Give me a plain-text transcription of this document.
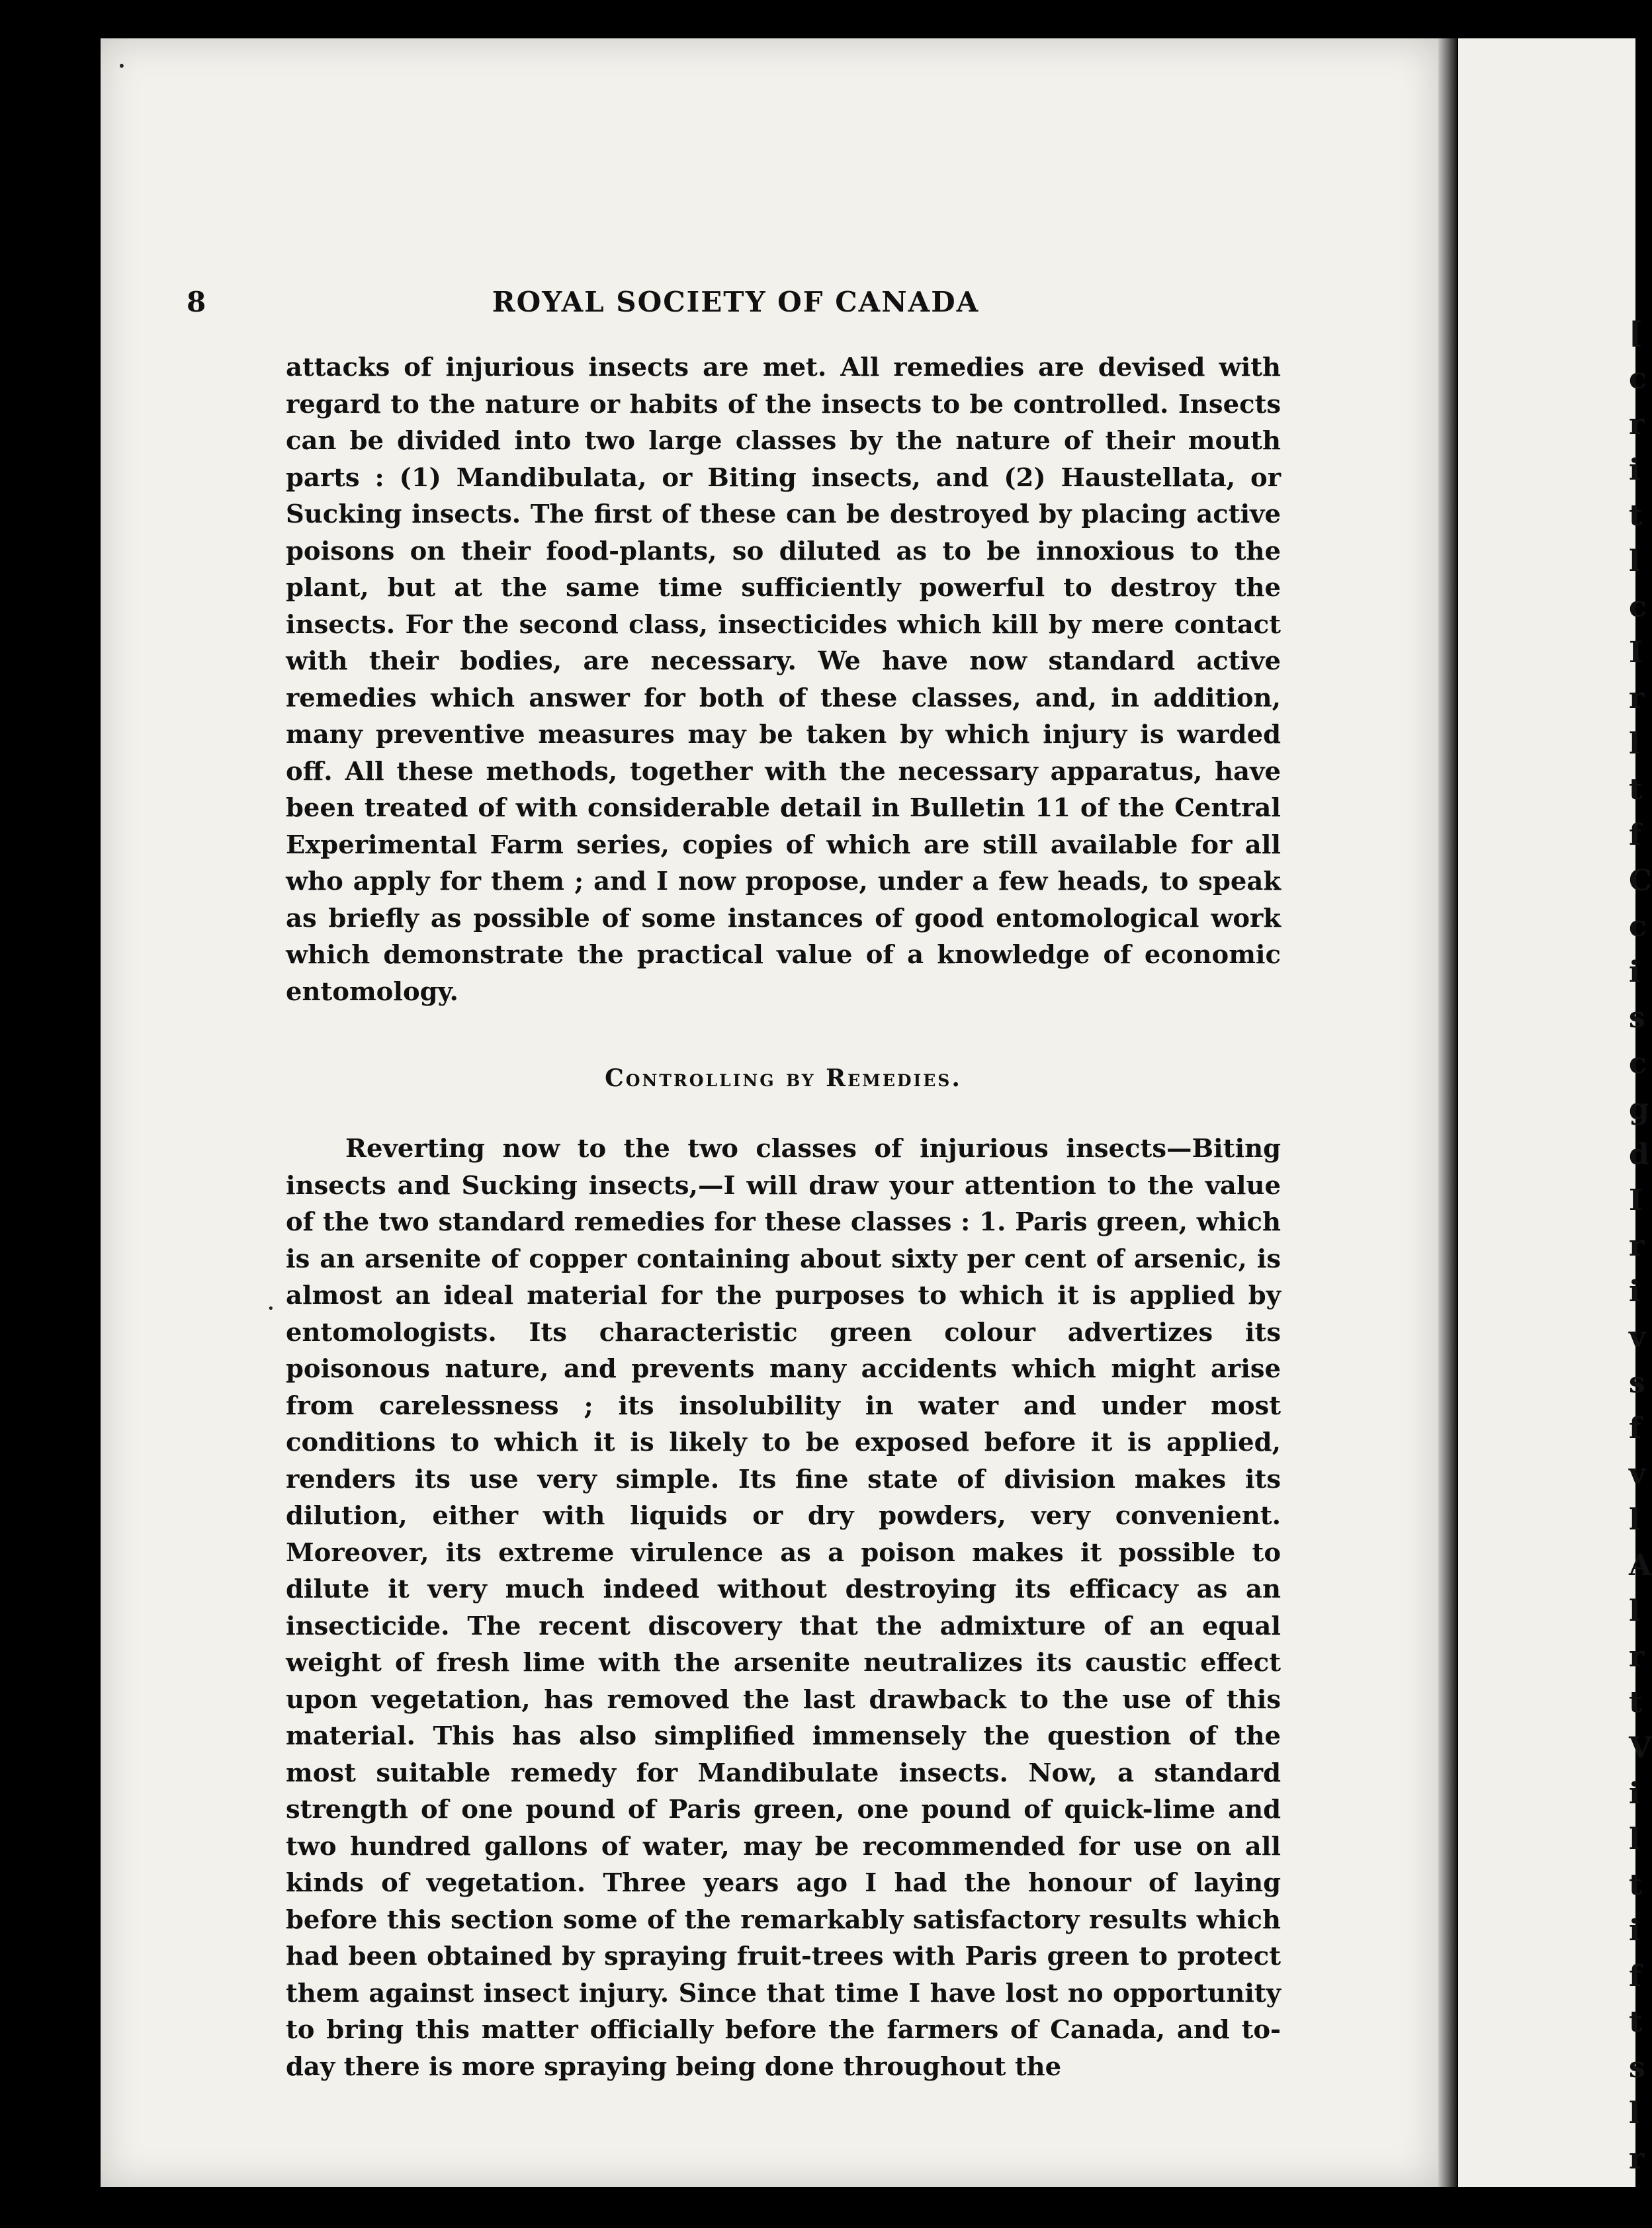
[
c
r
i
t
l
c
I
r
l
t
f
C
c
i
s
c
g
d
I
r
i
v
s
f
v
l
A
l
r
t
V
i
l
t
i
f
t
s
l
r
•
•
8	ROYAL SOCIETY OF CANADA

attacks of injurious insects are met. All remedies are devised with regard to the nature or habits of the insects to be controlled. Insects can be divided into two large classes by the nature of their mouth parts : (1) Mandibulata, or Biting insects, and (2) Haustellata, or Sucking insects. The first of these can be destroyed by placing active poisons on their food-plants, so diluted as to be innoxious to the plant, but at the same time sufficiently powerful to destroy the insects. For the second class, insecticides which kill by mere contact with their bodies, are necessary. We have now standard active remedies which answer for both of these classes, and, in addition, many preventive measures may be taken by which injury is warded off. All these methods, together with the necessary apparatus, have been treated of with considerable detail in Bulletin 11 of the Central Experimental Farm series, copies of which are still available for all who apply for them ; and I now propose, under a few heads, to speak as briefly as possible of some instances of good entomological work which demonstrate the practical value of a knowledge of economic entomology.

Controlling by Remedies.

Reverting now to the two classes of injurious insects—Biting insects and Sucking insects,—I will draw your attention to the value of the two standard remedies for these classes : 1. Paris green, which is an arsenite of copper containing about sixty per cent of arsenic, is almost an ideal material for the purposes to which it is applied by entomologists. Its characteristic green colour advertizes its poisonous nature, and prevents many accidents which might arise from carelessness ; its insolubility in water and under most conditions to which it is likely to be exposed before it is applied, renders its use very simple. Its fine state of division makes its dilution, either with liquids or dry powders, very convenient. Moreover, its extreme virulence as a poison makes it possible to dilute it very much indeed without destroying its efficacy as an insecticide. The recent discovery that the admixture of an equal weight of fresh lime with the arsenite neutralizes its caustic effect upon vegetation, has removed the last drawback to the use of this material. This has also simplified immensely the question of the most suitable remedy for Mandibulate insects. Now, a standard strength of one pound of Paris green, one pound of quick-lime and two hundred gallons of water, may be recommended for use on all kinds of vegetation. Three years ago I had the honour of laying before this section some of the remarkably satisfactory results which had been obtained by spraying fruit-trees with Paris green to protect them against insect injury. Since that time I have lost no opportunity to bring this matter officially before the farmers of Canada, and to-day there is more spraying being done throughout the
